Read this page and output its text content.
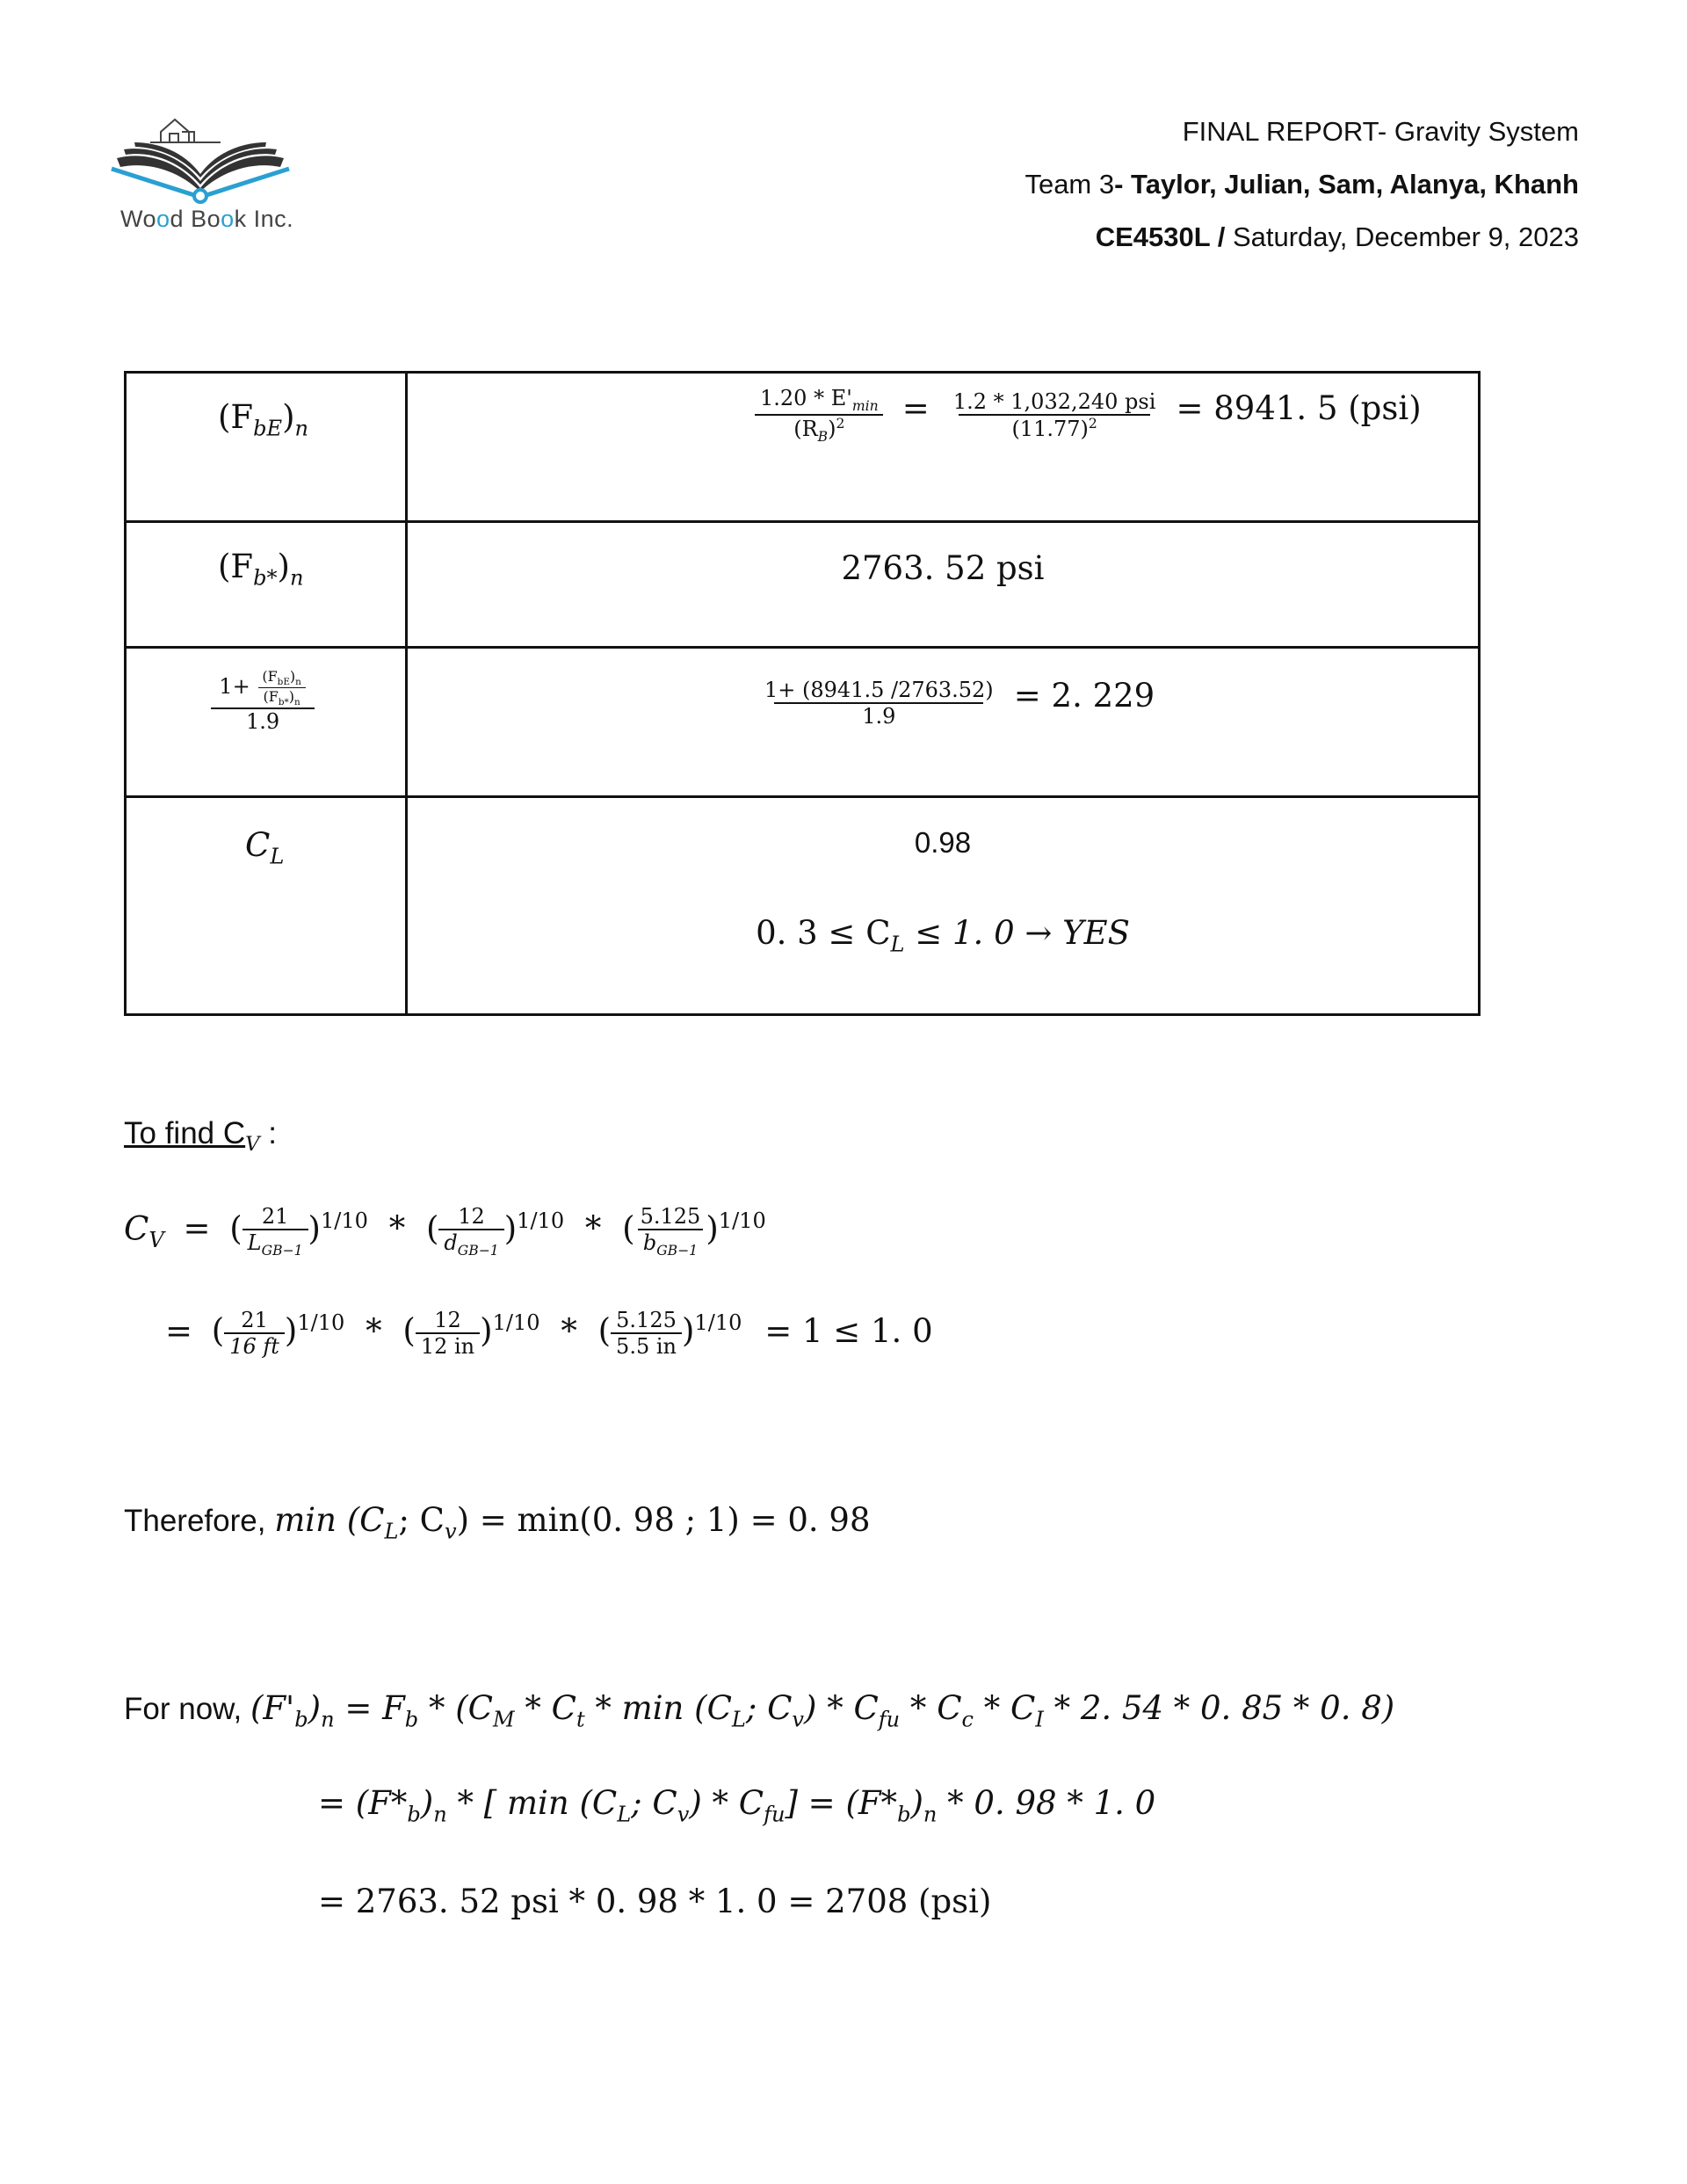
Wood Book Inc.
FINAL REPORT- Gravity System
Team 3- Taylor, Julian, Sam, Alanya, Khanh
CE4530L / Saturday, December 9, 2023
$(F_{bE})_n$	$\frac{1.20 * E'_{min}}{(R_B)^2} = \frac{\text{1.2 * 1,032,240 psi}}{(11.77)^2} = 8941$. 5 (psi)
$(F_{b*})_n$	2763. 52 psi
$\frac{1+ \frac{(F_{bE})_n}{(F_{b*})_n}}{1.9}$	$\frac{1+ (8941.5 /2763.52)}{1.9} = 2$. 229
$C_L$	0.98
0. $3 \le C_L \le 1$. 0 → YES
To find $C_V$ :
$C_V$ = ( $\frac{21}{L_{GB-1}} )^{1/10}$ * ( $\frac{12}{d_{GB-1}} )^{1/10}$ * ( $\frac{5.125}{b_{GB-1}} )^{1/10}$
= ( $\frac{21}{16 ft} )^{1/10}$ * ( $\frac{12}{12 in} )^{1/10}$ * ( $\frac{5.125}{5.5 in} )^{1/10} = 1 \le 1$. 0
Therefore, $\min (C_L$; $C_v) = \min(0$. 98 ; 1) = 0. 98
For now, $(F'_b)_n = F_b * (C_M * C_t * \min (C_L$; $C_v) * C_{fu} * C_c * C_I * 2$. 54 * 0. 85 * 0. 8)
= $(F*_b)_n$ * [ $\min (C_L$; $C_v) * C_{fu}] = (F*_b)_n * 0$. 98 * 1. 0
= 2763. 52 psi * 0. 98 * 1. 0 = 2708 (psi)
